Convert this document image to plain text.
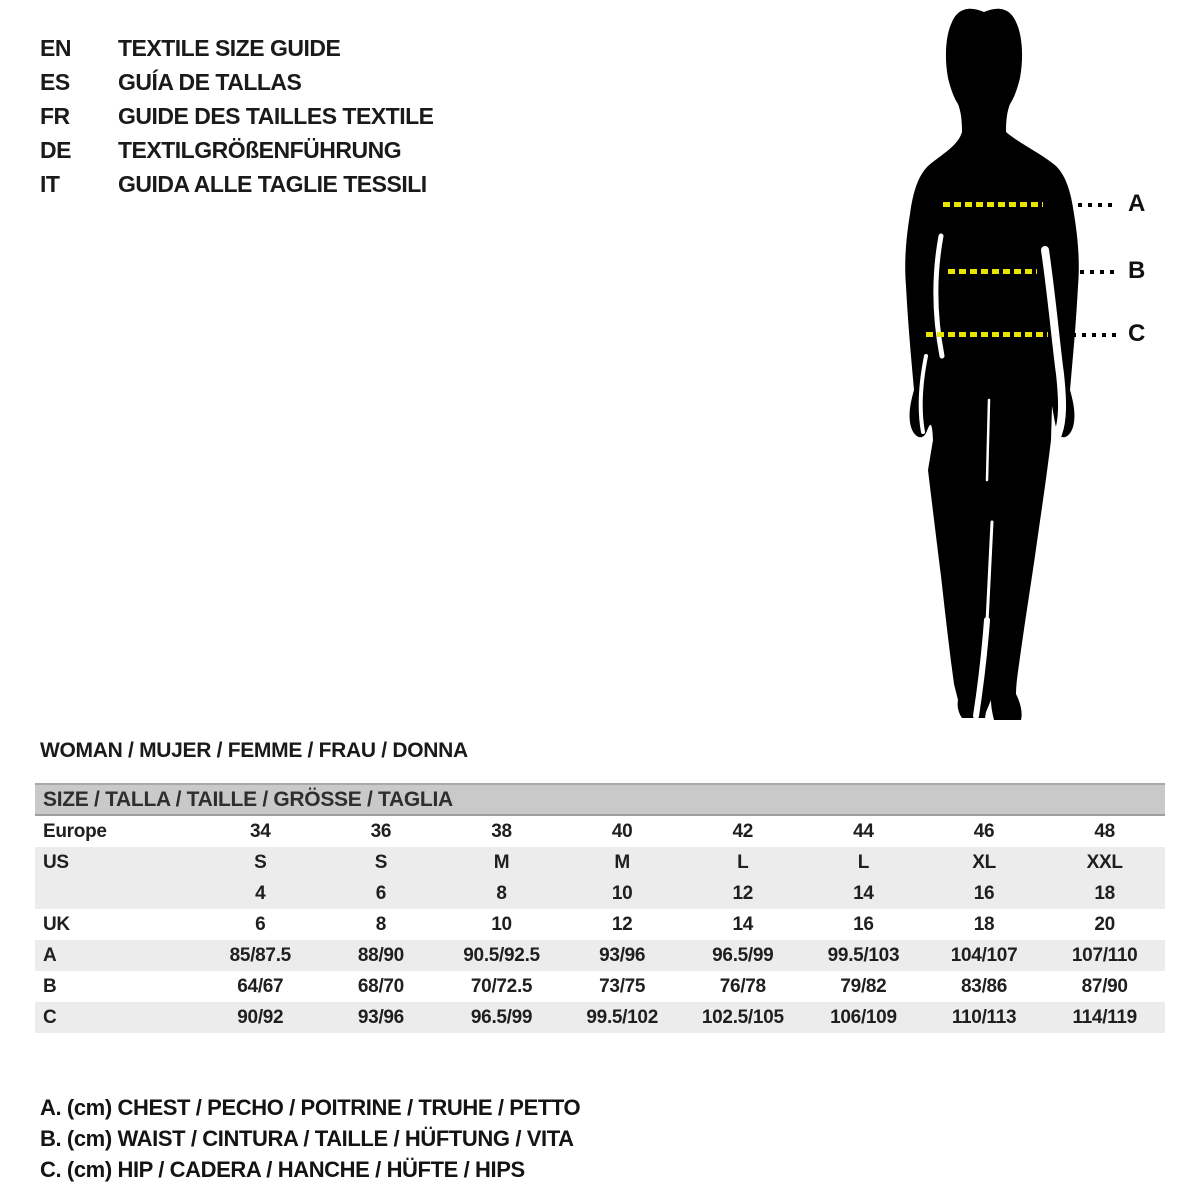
EN	TEXTILE SIZE GUIDE
ES	GUÍA DE TALLAS
FR	GUIDE DES TAILLES TEXTILE
DE	TEXTILGRÖßENFÜHRUNG
IT	GUIDA ALLE TAGLIE TESSILI
A
B
C
WOMAN / MUJER / FEMME / FRAU / DONNA
SIZE / TALLA / TAILLE / GRÖSSE / TAGLIA
Europe	34	36	38	40	42	44	46	48
US	S	S	M	M	L	L	XL	XXL
	4	6	8	10	12	14	16	18
UK	6	8	10	12	14	16	18	20
A	85/87.5	88/90	90.5/92.5	93/96	96.5/99	99.5/103	104/107	107/110
B	64/67	68/70	70/72.5	73/75	76/78	79/82	83/86	87/90
C	90/92	93/96	96.5/99	99.5/102	102.5/105	106/109	110/113	114/119
A. (cm) CHEST / PECHO / POITRINE / TRUHE / PETTO
B. (cm) WAIST / CINTURA / TAILLE / HÜFTUNG / VITA
C. (cm) HIP / CADERA / HANCHE / HÜFTE / HIPS
